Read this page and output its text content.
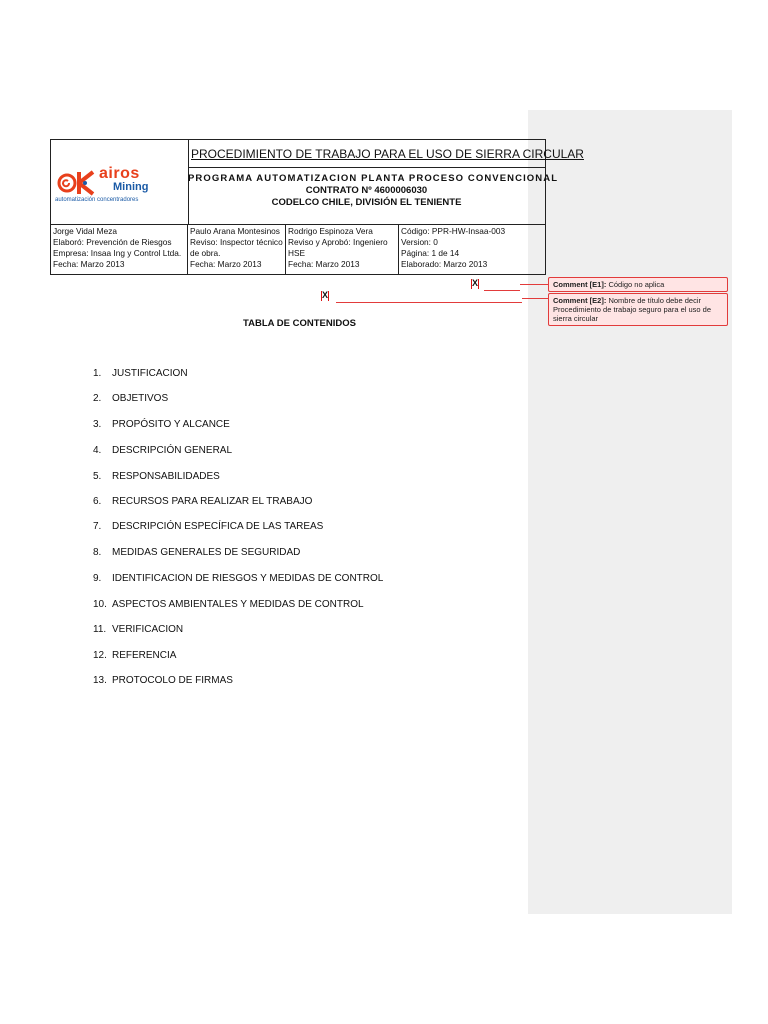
airos
Mining
automatización concentradores
PROCEDIMIENTO DE TRABAJO PARA EL USO DE SIERRA CIRCULAR
PROGRAMA AUTOMATIZACION PLANTA PROCESO CONVENCIONAL
CONTRATO Nº 4600006030
CODELCO CHILE, DIVISIÓN EL TENIENTE
Jorge Vidal Meza
Elaboró: Prevención de Riesgos
Empresa: Insaa Ing y Control Ltda.
Fecha: Marzo 2013
Paulo Arana Montesinos
Reviso: Inspector técnico
de obra.
Fecha: Marzo 2013
Rodrigo Espinoza Vera
Reviso y Aprobó: Ingeniero
HSE
Fecha: Marzo 2013
Código: PPR-HW-Insaa-003
Version: 0
Página: 1 de 14
Elaborado: Marzo 2013
X
X
Comment [E1]: Código no aplica
Comment [E2]: Nombre de título debe decir Procedimiento de trabajo seguro para el uso de sierra circular
TABLA DE CONTENIDOS
1. JUSTIFICACION
2. OBJETIVOS
3. PROPÓSITO Y ALCANCE
4. DESCRIPCIÓN GENERAL
5. RESPONSABILIDADES
6. RECURSOS PARA REALIZAR EL TRABAJO
7. DESCRIPCIÓN ESPECÍFICA DE LAS TAREAS
8. MEDIDAS GENERALES DE SEGURIDAD
9. IDENTIFICACION DE RIESGOS Y MEDIDAS DE CONTROL
10. ASPECTOS AMBIENTALES Y MEDIDAS DE CONTROL
11. VERIFICACION
12. REFERENCIA
13. PROTOCOLO DE FIRMAS
